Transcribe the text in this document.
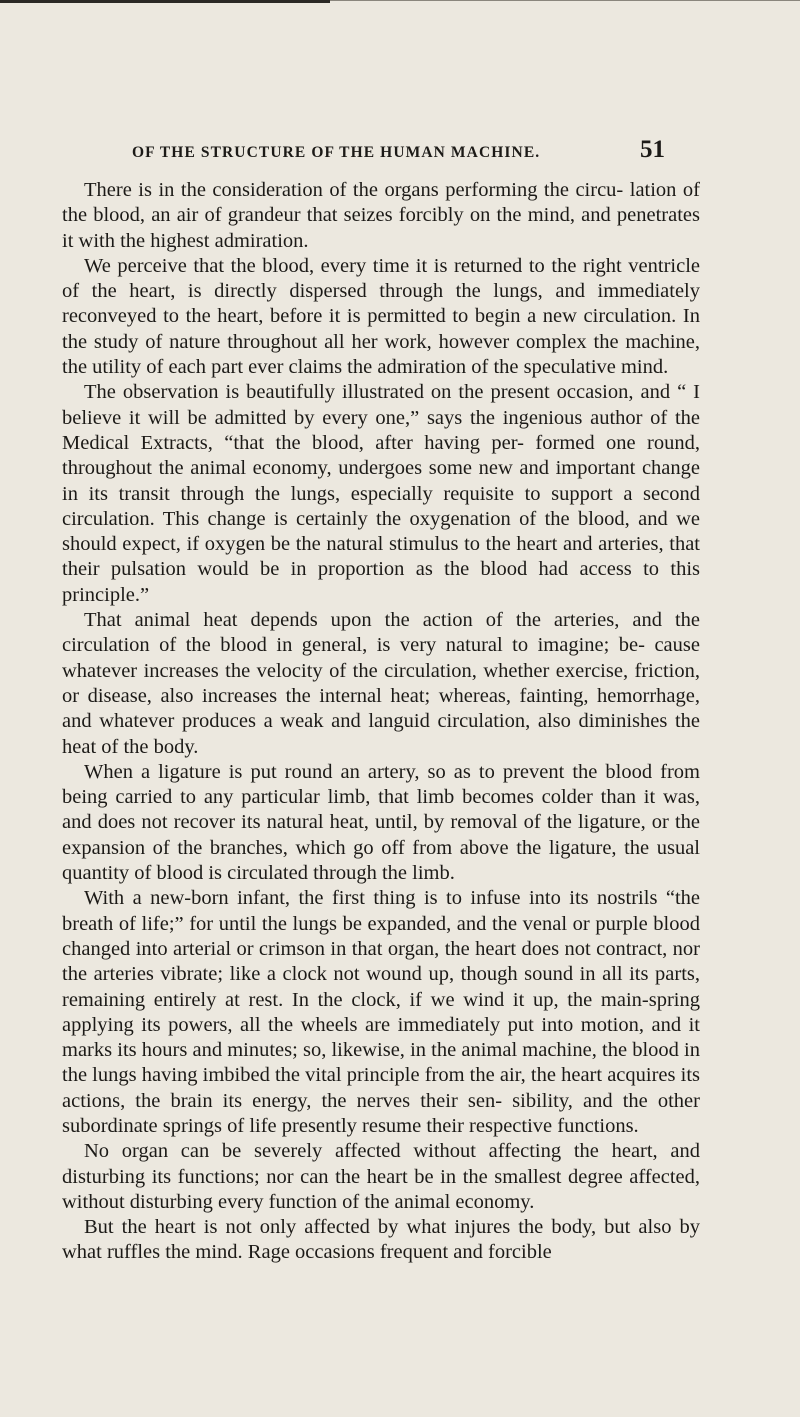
OF THE STRUCTURE OF THE HUMAN MACHINE.	51

There is in the consideration of the organs performing the circu- lation of the blood, an air of grandeur that seizes forcibly on the mind, and penetrates it with the highest admiration.

We perceive that the blood, every time it is returned to the right ventricle of the heart, is directly dispersed through the lungs, and immediately reconveyed to the heart, before it is permitted to begin a new circulation. In the study of nature throughout all her work, however complex the machine, the utility of each part ever claims the admiration of the speculative mind.

The observation is beautifully illustrated on the present occasion, and “ I believe it will be admitted by every one,” says the ingenious author of the Medical Extracts, “that the blood, after having per- formed one round, throughout the animal economy, undergoes some new and important change in its transit through the lungs, especially requisite to support a second circulation. This change is certainly the oxygenation of the blood, and we should expect, if oxygen be the natural stimulus to the heart and arteries, that their pulsation would be in proportion as the blood had access to this principle.”

That animal heat depends upon the action of the arteries, and the circulation of the blood in general, is very natural to imagine; be- cause whatever increases the velocity of the circulation, whether exercise, friction, or disease, also increases the internal heat; whereas, fainting, hemorrhage, and whatever produces a weak and languid circulation, also diminishes the heat of the body.

When a ligature is put round an artery, so as to prevent the blood from being carried to any particular limb, that limb becomes colder than it was, and does not recover its natural heat, until, by removal of the ligature, or the expansion of the branches, which go off from above the ligature, the usual quantity of blood is circulated through the limb.

With a new-born infant, the first thing is to infuse into its nostrils “the breath of life;” for until the lungs be expanded, and the venal or purple blood changed into arterial or crimson in that organ, the heart does not contract, nor the arteries vibrate; like a clock not wound up, though sound in all its parts, remaining entirely at rest. In the clock, if we wind it up, the main-spring applying its powers, all the wheels are immediately put into motion, and it marks its hours and minutes; so, likewise, in the animal machine, the blood in the lungs having imbibed the vital principle from the air, the heart acquires its actions, the brain its energy, the nerves their sen- sibility, and the other subordinate springs of life presently resume their respective functions.

No organ can be severely affected without affecting the heart, and disturbing its functions; nor can the heart be in the smallest degree affected, without disturbing every function of the animal economy.

But the heart is not only affected by what injures the body, but also by what ruffles the mind. Rage occasions frequent and forcible
